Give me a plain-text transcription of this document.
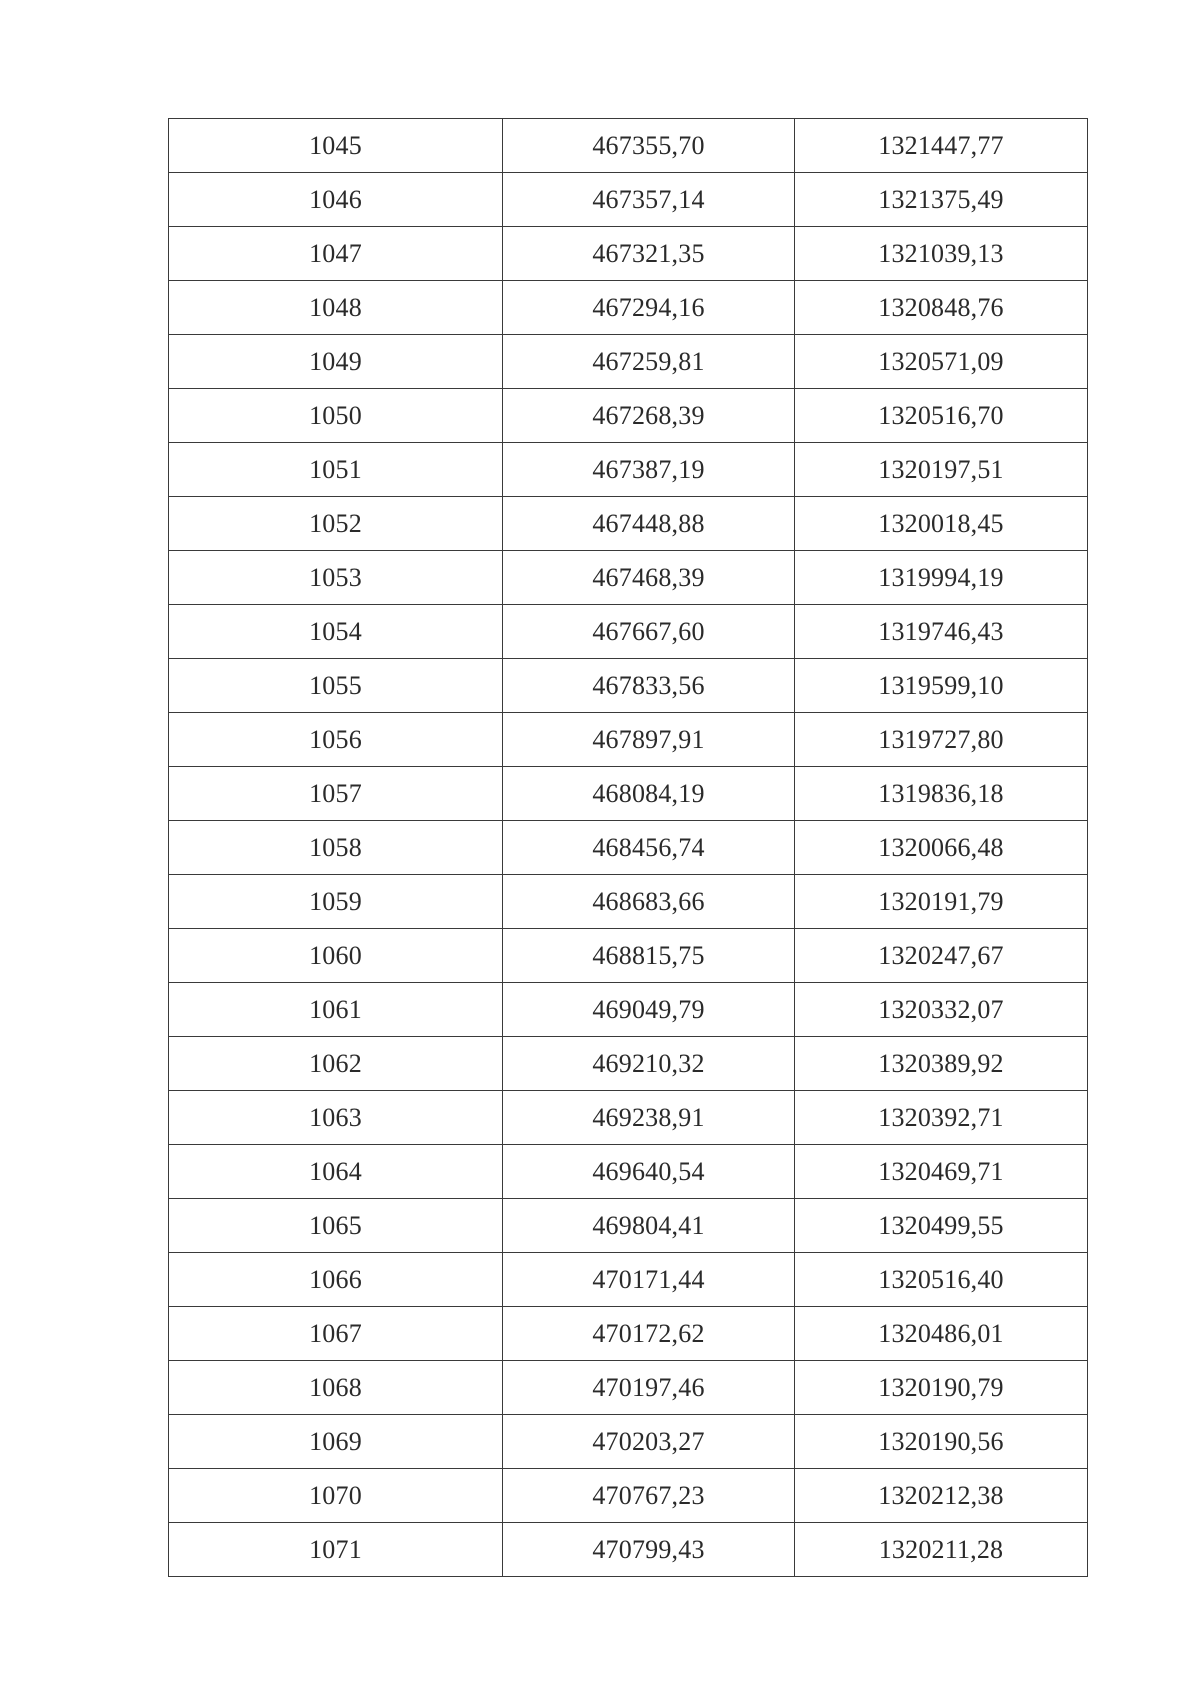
1045	467355,70	1321447,77
1046	467357,14	1321375,49
1047	467321,35	1321039,13
1048	467294,16	1320848,76
1049	467259,81	1320571,09
1050	467268,39	1320516,70
1051	467387,19	1320197,51
1052	467448,88	1320018,45
1053	467468,39	1319994,19
1054	467667,60	1319746,43
1055	467833,56	1319599,10
1056	467897,91	1319727,80
1057	468084,19	1319836,18
1058	468456,74	1320066,48
1059	468683,66	1320191,79
1060	468815,75	1320247,67
1061	469049,79	1320332,07
1062	469210,32	1320389,92
1063	469238,91	1320392,71
1064	469640,54	1320469,71
1065	469804,41	1320499,55
1066	470171,44	1320516,40
1067	470172,62	1320486,01
1068	470197,46	1320190,79
1069	470203,27	1320190,56
1070	470767,23	1320212,38
1071	470799,43	1320211,28
